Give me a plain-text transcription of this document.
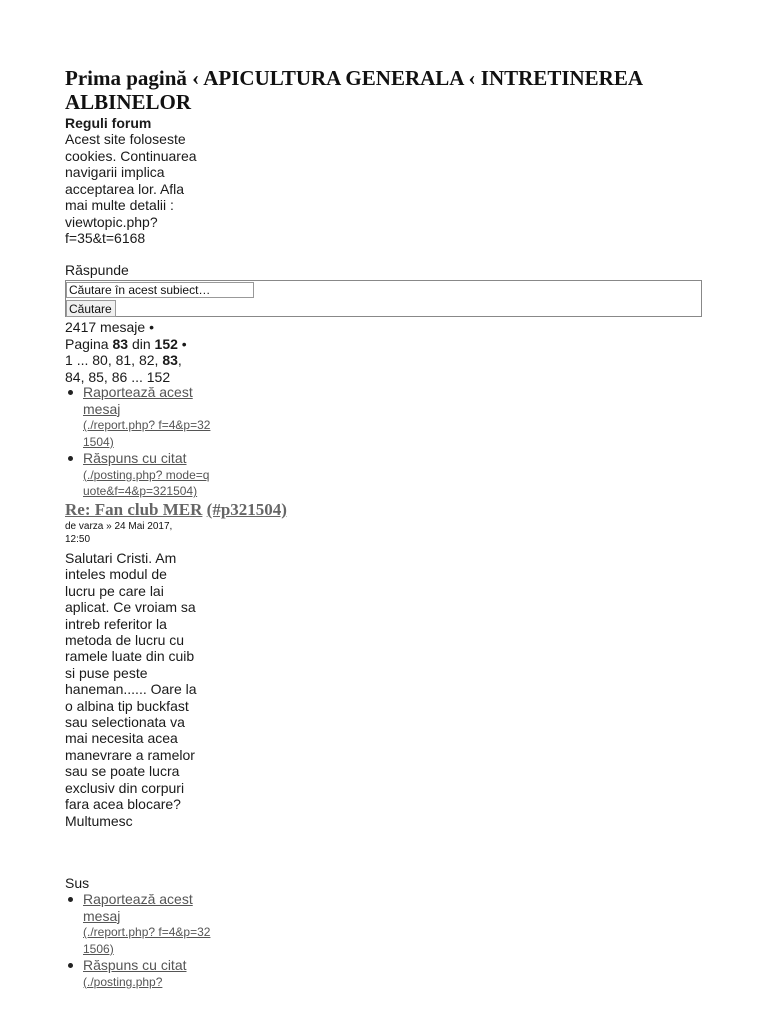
Prima pagină ‹ APICULTURA GENERALA ‹ INTRETINEREA ALBINELOR

Reguli forum

Acest site foloseste cookies. Continuarea navigarii implica acceptarea lor. Afla mai multe detalii : viewtopic.php? f=35&t=6168

Răspunde
Căutare în acest subiect…
Căutare
2417 mesaje •
Pagina 83 din 152 •
1 ... 80, 81, 82, 83, 84, 85, 86 ... 152
Raportează acest mesaj
(./report.php? f=4&p=321504)
Răspuns cu citat
(./posting.php? mode=quote&f=4&p=321504)
Re: Fan club MER (#p321504)
de varza » 24 Mai 2017, 12:50
Salutari Cristi. Am inteles modul de lucru pe care lai aplicat. Ce vroiam sa intreb referitor la metoda de lucru cu ramele luate din cuib si puse peste haneman...... Oare la o albina tip buckfast sau selectionata va mai necesita acea manevrare a ramelor sau se poate lucra exclusiv din corpuri fara acea blocare? Multumesc
Sus
Raportează acest mesaj
(./report.php? f=4&p=321506)
Răspuns cu citat
(./posting.php?
